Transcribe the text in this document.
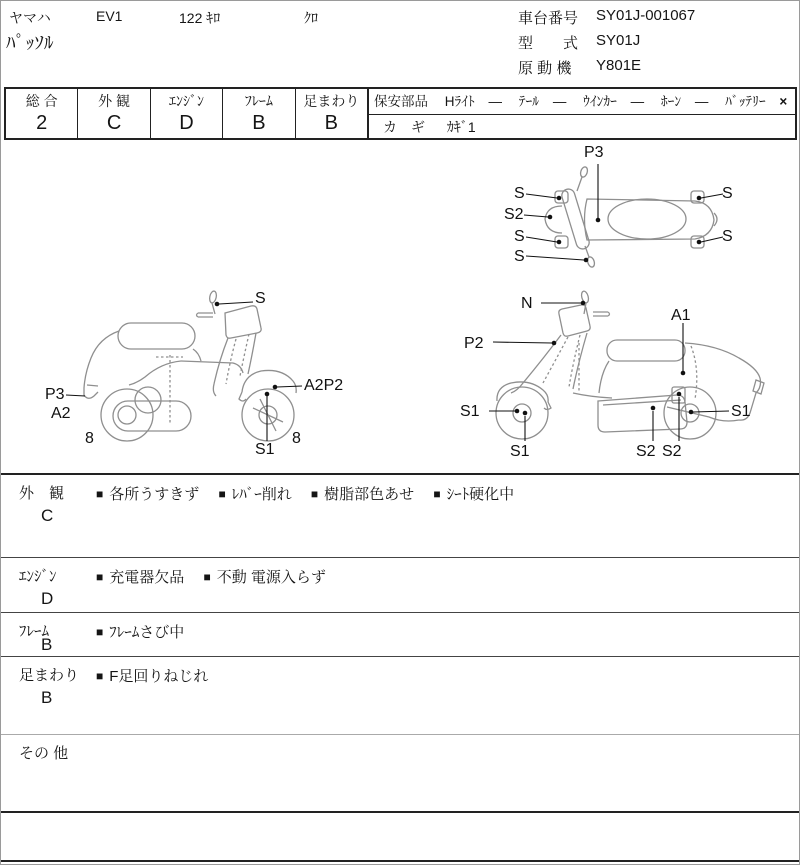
ヤマハ	EV1	122 ｷﾛ	ｸﾛ
ﾊﾟｯｿﾙ
車台番号 SY01J-001067
型　　式 SY01J
原 動 機 Y801E
総 合
2
外 観
C
ｴﾝｼﾞﾝ
D
ﾌﾚｰﾑ
B
足まわり
B
保安部品 Hﾗｲﾄ — ﾃｰﾙ — ｳｲﾝｶｰ — ﾎｰﾝ — ﾊﾞｯﾃﾘｰ ×
カ　ギ ｶｷﾞ1
P3
S
S2
S
S
S
S
S
A2P2
P3
A2
8	8
S1
N
P2
A1
S1
S1
S1
S2 S2
外　観
C
■ 各所うすきず ■ ﾚﾊﾞｰ削れ ■ 樹脂部色あせ ■ ｼｰﾄ硬化中
ｴﾝｼﾞﾝ
D
■ 充電器欠品 ■ 不動 電源入らず
ﾌﾚｰﾑ
B
■ ﾌﾚｰﾑさび中
足まわり
B
■ F足回りねじれ
その 他
